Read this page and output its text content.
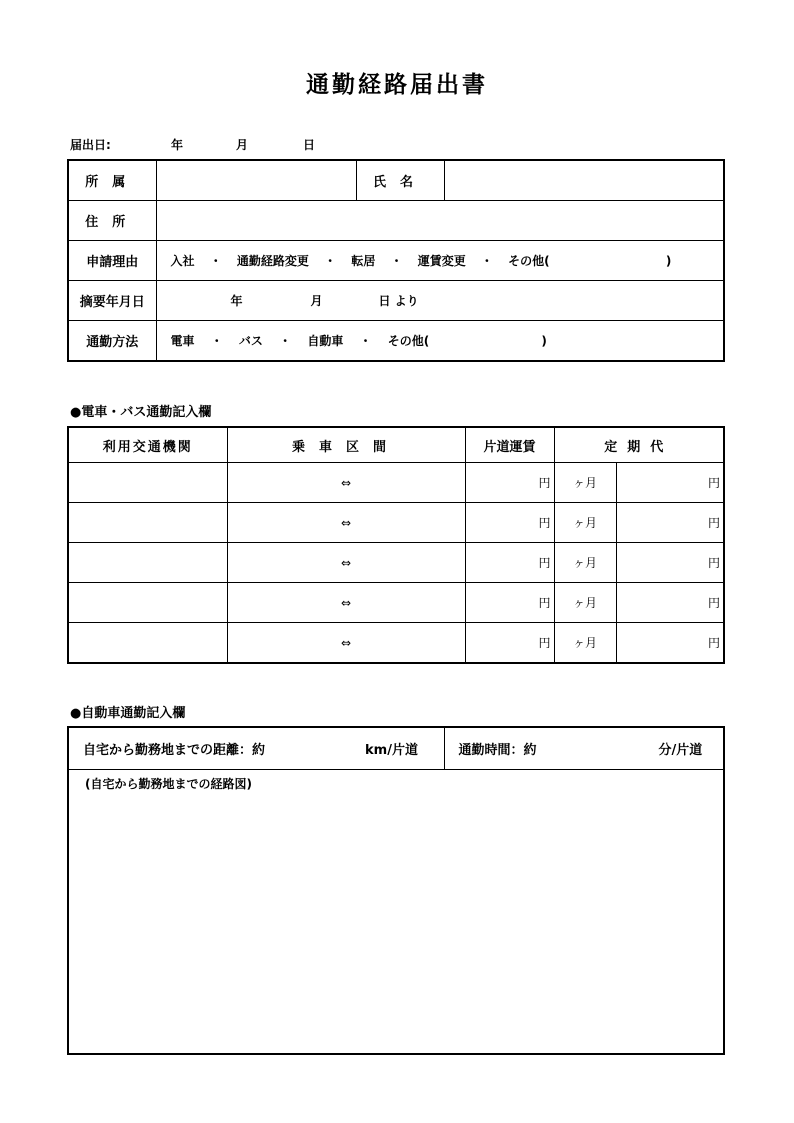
通勤経路届出書
届出日:	年	月	日
所属		氏名	
住所			
申請理由	入社 ・ 通勤経路変更 ・ 転居 ・ 運賃変更 ・ その他( )		
摘要年月日	年 月 日 より		
通勤方法	電車 ・ バス ・ 自動車 ・ その他( )		
●電車・バス通勤記入欄
利用交通機関	乗車区間	片道運賃	定期代	
	⇔	円	ヶ月	円
	⇔	円	ヶ月	円
	⇔	円	ヶ月	円
	⇔	円	ヶ月	円
	⇔	円	ヶ月	円
●自動車通勤記入欄
自宅から勤務地までの距離：約	km/片道	通勤時間：約	分/片道
(自宅から勤務地までの経路図)
